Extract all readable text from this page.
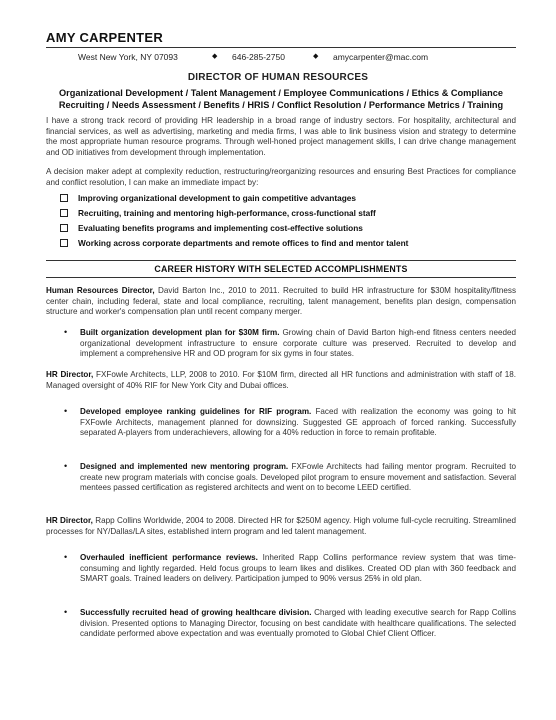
AMY CARPENTER
West New York, NY 07093	◆ 646-285-2750	◆ amycarpenter@mac.com
DIRECTOR OF HUMAN RESOURCES
Organizational Development / Talent Management / Employee Communications / Ethics & Compliance
Recruiting / Needs Assessment / Benefits / HRIS / Conflict Resolution / Performance Metrics / Training
I have a strong track record of providing HR leadership in a broad range of industry sectors. For hospitality, architectural and financial services, as well as advertising, marketing and media firms, I was able to link business vision and strategy to determine the most appropriate human resource programs. Through well-honed project management skills, I can drive change management and OD initiatives from development through implementation.
A decision maker adept at complexity reduction, restructuring/reorganizing resources and ensuring Best Practices for compliance and conflict resolution, I can make an immediate impact by:
Improving organizational development to gain competitive advantages
Recruiting, training and mentoring high-performance, cross-functional staff
Evaluating benefits programs and implementing cost-effective solutions
Working across corporate departments and remote offices to find and mentor talent
CAREER HISTORY WITH SELECTED ACCOMPLISHMENTS
Human Resources Director, David Barton Inc., 2010 to 2011. Recruited to build HR infrastructure for $30M hospitality/fitness center chain, including federal, state and local compliance, recruiting, talent management, benefits plan design, compensation structure and worker's compensation plan until recent company merger.
• Built organization development plan for $30M firm. Growing chain of David Barton high-end fitness centers needed organizational development infrastructure to ensure corporate culture was preserved. Recruited to develop and implement a comprehensive HR and OD program for six gyms in four states.
HR Director, FXFowle Architects, LLP, 2008 to 2010. For $10M firm, directed all HR functions and administration with staff of 18. Managed oversight of 40% RIF for New York City and Dubai offices.
• Developed employee ranking guidelines for RIF program. Faced with realization the economy was going to hit FXFowle Architects, management planned for downsizing. Suggested GE approach of forced ranking. Successfully separated A-players from underachievers, allowing for a 40% reduction in force to remain profitable.
• Designed and implemented new mentoring program. FXFowle Architects had failing mentor program. Recruited to create new program materials with concise goals. Developed pilot program to ensure movement and satisfaction. Several mentees passed certification as registered architects and went on to become LEED certified.
HR Director, Rapp Collins Worldwide, 2004 to 2008. Directed HR for $250M agency. High volume full-cycle recruiting. Streamlined processes for NY/Dallas/LA sites, established intern program and led talent management.
• Overhauled inefficient performance reviews. Inherited Rapp Collins performance review system that was time-consuming and lightly regarded. Held focus groups to learn likes and dislikes. Created OD plan with 360 feedback and SMART goals. Trained leaders on delivery. Participation jumped to 90% versus 25% in old plan.
• Successfully recruited head of growing healthcare division. Charged with leading executive search for Rapp Collins division. Presented options to Managing Director, focusing on best candidate with healthcare qualifications. The selected candidate performed above expectation and was eventually promoted to Global Chief Client Officer.
